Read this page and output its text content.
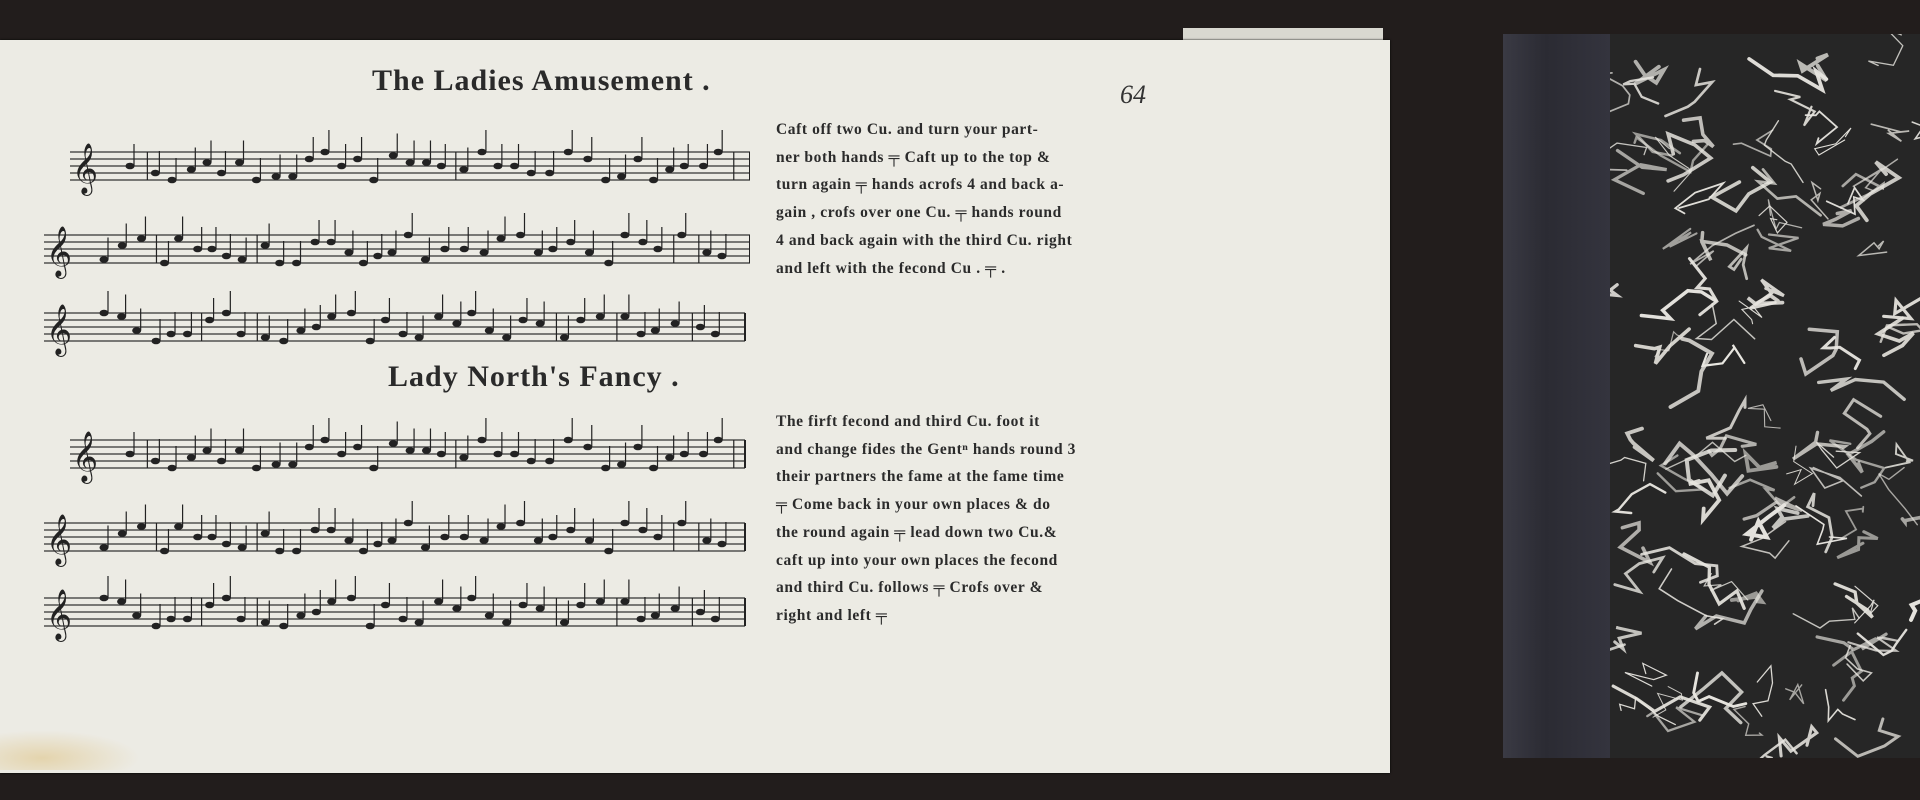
The Ladies Amusement .	64
Lady North's Fancy .
𝄞
𝄞
𝄞
𝄞
𝄞
𝄞
Caft off two Cu. and turn your part-
ner both hands ╤ Caft up to the top &
turn again ╤ hands acrofs 4 and back a-
gain , crofs over one Cu. ╤ hands round
4 and back again with the third Cu. right
and left with the fecond Cu . ╤ .
The firft fecond and third Cu. foot it
and change fides the Gentⁿ hands round 3
their partners the fame at the fame time
╤ Come back in your own places & do
the round again ╤ lead down two Cu.&
caft up into your own places the fecond
and third Cu. follows ╤ Crofs over &
right and left ╤
